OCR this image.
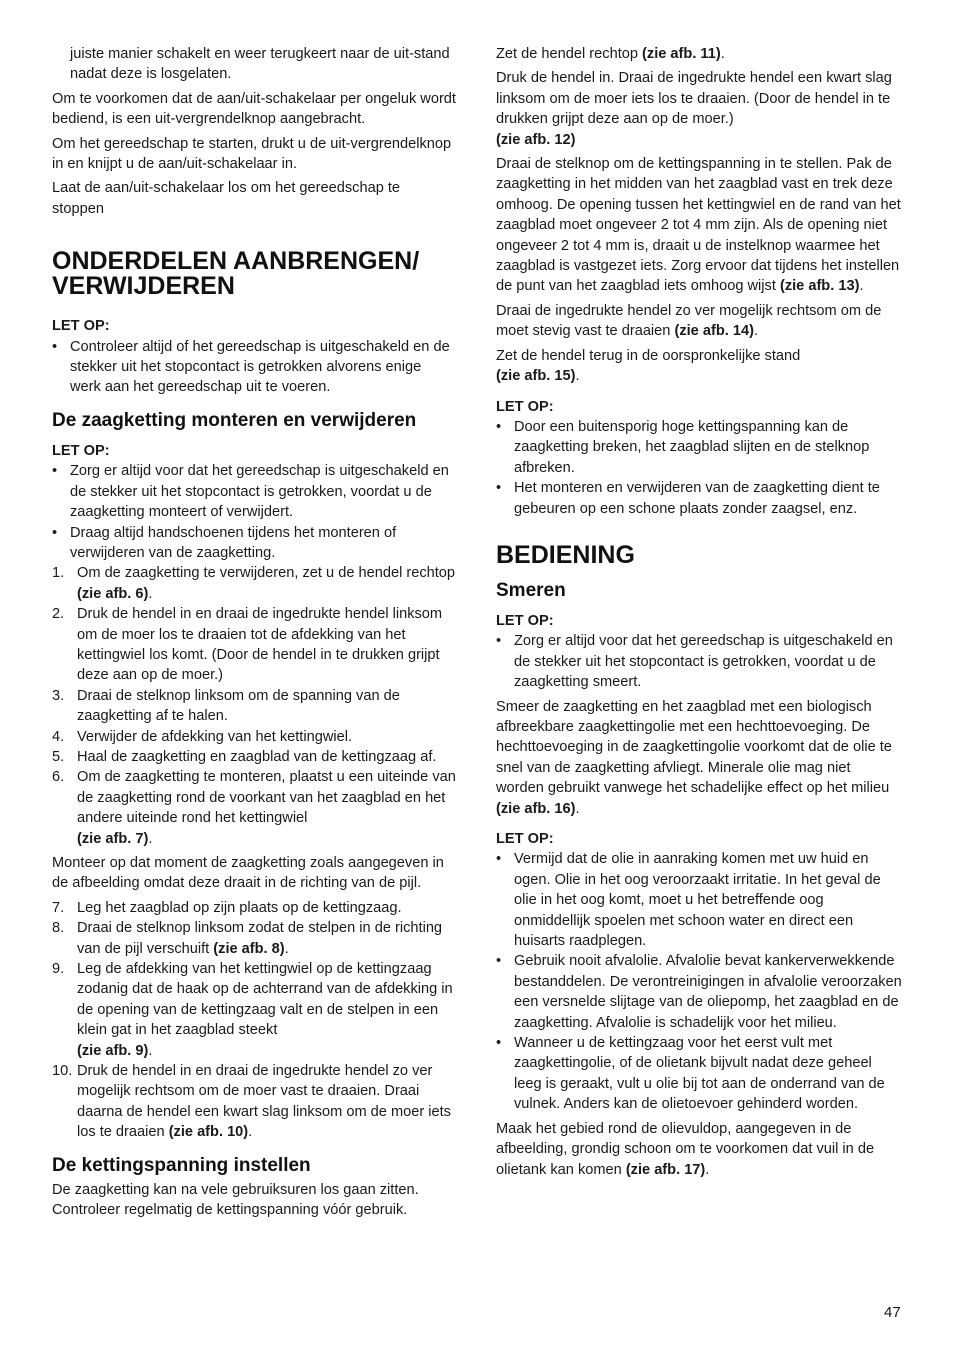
juiste manier schakelt en weer terugkeert naar de uit-stand nadat deze is losgelaten.

Om te voorkomen dat de aan/uit-schakelaar per ongeluk wordt bediend, is een uit-vergrendelknop aangebracht.

Om het gereedschap te starten, drukt u de uit-vergrendelknop in en knijpt u de aan/uit-schakelaar in.

Laat de aan/uit-schakelaar los om het gereedschap te stoppen

ONDERDELEN AANBRENGEN/
VERWIJDEREN

LET OP:

• Controleer altijd of het gereedschap is uitgeschakeld en de stekker uit het stopcontact is getrokken alvorens enige werk aan het gereedschap uit te voeren.
De zaagketting monteren en verwijderen

LET OP:

• Zorg er altijd voor dat het gereedschap is uitgeschakeld en de stekker uit het stopcontact is getrokken, voordat u de zaagketting monteert of verwijdert.
• Draag altijd handschoenen tijdens het monteren of verwijderen van de zaagketting.
1. Om de zaagketting te verwijderen, zet u de hendel rechtop (zie afb. 6).
2. Druk de hendel in en draai de ingedrukte hendel linksom om de moer los te draaien tot de afdekking van het kettingwiel los komt. (Door de hendel in te drukken grijpt deze aan op de moer.)
3. Draai de stelknop linksom om de spanning van de zaagketting af te halen.
4. Verwijder de afdekking van het kettingwiel.
5. Haal de zaagketting en zaagblad van de kettingzaag af.
6. Om de zaagketting te monteren, plaatst u een uiteinde van de zaagketting rond de voorkant van het zaagblad en het andere uiteinde rond het kettingwiel
(zie afb. 7).

Monteer op dat moment de zaagketting zoals aangegeven in de afbeelding omdat deze draait in de richting van de pijl.

7. Leg het zaagblad op zijn plaats op de kettingzaag.
8. Draai de stelknop linksom zodat de stelpen in de richting van de pijl verschuift (zie afb. 8).
9. Leg de afdekking van het kettingwiel op de kettingzaag zodanig dat de haak op de achterrand van de afdekking in de opening van de kettingzaag valt en de stelpen in een klein gat in het zaagblad steekt
(zie afb. 9).
10. Druk de hendel in en draai de ingedrukte hendel zo ver mogelijk rechtsom om de moer vast te draaien. Draai daarna de hendel een kwart slag linksom om de moer iets los te draaien (zie afb. 10).
De kettingspanning instellen

De zaagketting kan na vele gebruiksuren los gaan zitten. Controleer regelmatig de kettingspanning vóór gebruik.

Zet de hendel rechtop (zie afb. 11).

Druk de hendel in. Draai de ingedrukte hendel een kwart slag linksom om de moer iets los te draaien. (Door de hendel in te drukken grijpt deze aan op de moer.)
(zie afb. 12)

Draai de stelknop om de kettingspanning in te stellen. Pak de zaagketting in het midden van het zaagblad vast en trek deze omhoog. De opening tussen het kettingwiel en de rand van het zaagblad moet ongeveer 2 tot 4 mm zijn. Als de opening niet ongeveer 2 tot 4 mm is, draait u de instelknop waarmee het zaagblad is vastgezet iets. Zorg ervoor dat tijdens het instellen de punt van het zaagblad iets omhoog wijst (zie afb. 13).

Draai de ingedrukte hendel zo ver mogelijk rechtsom om de moet stevig vast te draaien (zie afb. 14).

Zet de hendel terug in de oorspronkelijke stand
(zie afb. 15).

LET OP:

• Door een buitensporig hoge kettingspanning kan de zaagketting breken, het zaagblad slijten en de stelknop afbreken.
• Het monteren en verwijderen van de zaagketting dient te gebeuren op een schone plaats zonder zaagsel, enz.
BEDIENING
Smeren

LET OP:

• Zorg er altijd voor dat het gereedschap is uitgeschakeld en de stekker uit het stopcontact is getrokken, voordat u de zaagketting smeert.

Smeer de zaagketting en het zaagblad met een biologisch afbreekbare zaagkettingolie met een hechttoevoeging. De hechttoevoeging in de zaagkettingolie voorkomt dat de olie te snel van de zaagketting afvliegt. Minerale olie mag niet worden gebruikt vanwege het schadelijke effect op het milieu (zie afb. 16).

LET OP:

• Vermijd dat de olie in aanraking komen met uw huid en ogen. Olie in het oog veroorzaakt irritatie. In het geval de olie in het oog komt, moet u het betreffende oog onmiddellijk spoelen met schoon water en direct een huisarts raadplegen.
• Gebruik nooit afvalolie. Afvalolie bevat kankerverwekkende bestanddelen. De verontreinigingen in afvalolie veroorzaken een versnelde slijtage van de oliepomp, het zaagblad en de zaagketting. Afvalolie is schadelijk voor het milieu.
• Wanneer u de kettingzaag voor het eerst vult met zaagkettingolie, of de olietank bijvult nadat deze geheel leeg is geraakt, vult u olie bij tot aan de onderrand van de vulnek. Anders kan de olietoevoer gehinderd worden.

Maak het gebied rond de olievuldop, aangegeven in de afbeelding, grondig schoon om te voorkomen dat vuil in de olietank kan komen (zie afb. 17).

47
